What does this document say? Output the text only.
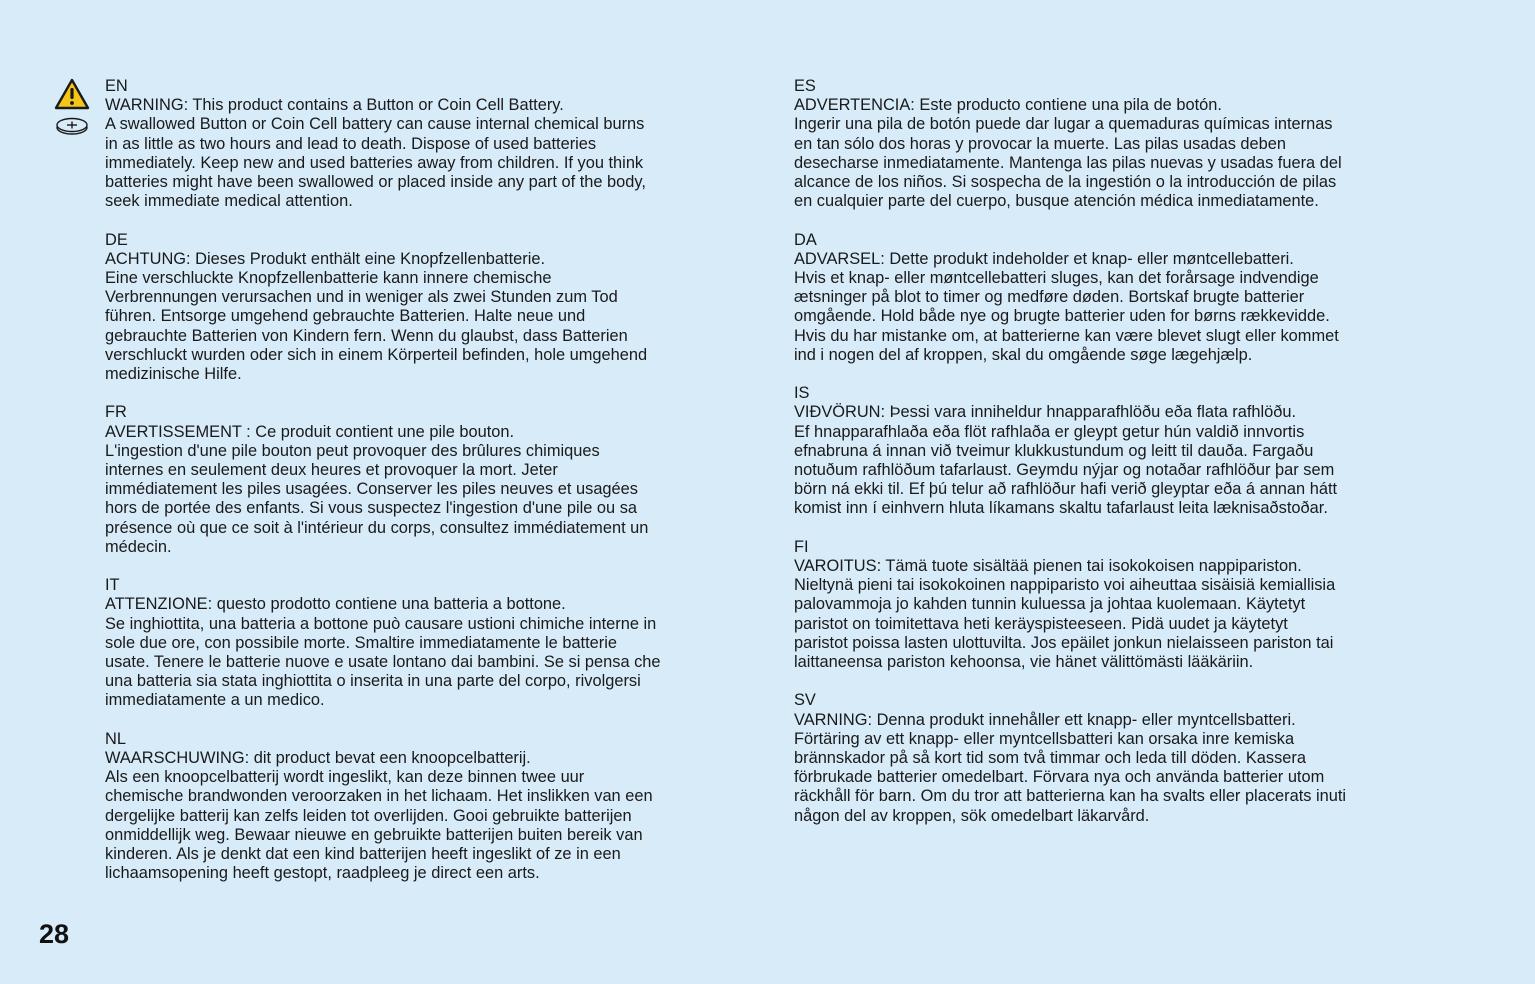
EN

WARNING: This product contains a Button or Coin Cell Battery.

A swallowed Button or Coin Cell battery can cause internal chemical burns
in as little as two hours and lead to death. Dispose of used batteries
immediately. Keep new and used batteries away from children. If you think
batteries might have been swallowed or placed inside any part of the body,
seek immediate medical attention.

DE

ACHTUNG: Dieses Produkt enthält eine Knopfzellenbatterie.

Eine verschluckte Knopfzellenbatterie kann innere chemische
Verbrennungen verursachen und in weniger als zwei Stunden zum Tod
führen. Entsorge umgehend gebrauchte Batterien. Halte neue und
gebrauchte Batterien von Kindern fern. Wenn du glaubst, dass Batterien
verschluckt wurden oder sich in einem Körperteil befinden, hole umgehend
medizinische Hilfe.

FR

AVERTISSEMENT : Ce produit contient une pile bouton.

L'ingestion d'une pile bouton peut provoquer des brûlures chimiques
internes en seulement deux heures et provoquer la mort. Jeter
immédiatement les piles usagées. Conserver les piles neuves et usagées
hors de portée des enfants. Si vous suspectez l'ingestion d'une pile ou sa
présence où que ce soit à l'intérieur du corps, consultez immédiatement un
médecin.

IT

ATTENZIONE: questo prodotto contiene una batteria a bottone.

Se inghiottita, una batteria a bottone può causare ustioni chimiche interne in
sole due ore, con possibile morte. Smaltire immediatamente le batterie
usate. Tenere le batterie nuove e usate lontano dai bambini. Se si pensa che
una batteria sia stata inghiottita o inserita in una parte del corpo, rivolgersi
immediatamente a un medico.

NL

WAARSCHUWING: dit product bevat een knoopcelbatterij.

Als een knoopcelbatterij wordt ingeslikt, kan deze binnen twee uur
chemische brandwonden veroorzaken in het lichaam. Het inslikken van een
dergelijke batterij kan zelfs leiden tot overlijden. Gooi gebruikte batterijen
onmiddellijk weg. Bewaar nieuwe en gebruikte batterijen buiten bereik van
kinderen. Als je denkt dat een kind batterijen heeft ingeslikt of ze in een
lichaamsopening heeft gestopt, raadpleeg je direct een arts.

ES

ADVERTENCIA: Este producto contiene una pila de botón.

Ingerir una pila de botón puede dar lugar a quemaduras químicas internas
en tan sólo dos horas y provocar la muerte. Las pilas usadas deben
desecharse inmediatamente. Mantenga las pilas nuevas y usadas fuera del
alcance de los niños. Si sospecha de la ingestión o la introducción de pilas
en cualquier parte del cuerpo, busque atención médica inmediatamente.

DA

ADVARSEL: Dette produkt indeholder et knap- eller møntcellebatteri.

Hvis et knap- eller møntcellebatteri sluges, kan det forårsage indvendige
ætsninger på blot to timer og medføre døden. Bortskaf brugte batterier
omgående. Hold både nye og brugte batterier uden for børns rækkevidde.
Hvis du har mistanke om, at batterierne kan være blevet slugt eller kommet
ind i nogen del af kroppen, skal du omgående søge lægehjælp.

IS

VIÐVÖRUN: Þessi vara inniheldur hnapparafhlöðu eða flata rafhlöðu.

Ef hnapparafhlaða eða flöt rafhlaða er gleypt getur hún valdið innvortis
efnabruna á innan við tveimur klukkustundum og leitt til dauða. Fargaðu
notuðum rafhlöðum tafarlaust. Geymdu nýjar og notaðar rafhlöður þar sem
börn ná ekki til. Ef þú telur að rafhlöður hafi verið gleyptar eða á annan hátt
komist inn í einhvern hluta líkamans skaltu tafarlaust leita læknisaðstoðar.

FI

VAROITUS: Tämä tuote sisältää pienen tai isokokoisen nappipariston.

Nieltynä pieni tai isokokoinen nappiparisto voi aiheuttaa sisäisiä kemiallisia
palovammoja jo kahden tunnin kuluessa ja johtaa kuolemaan. Käytetyt
paristot on toimitettava heti keräyspisteeseen. Pidä uudet ja käytetyt
paristot poissa lasten ulottuvilta. Jos epäilet jonkun nielaisseen pariston tai
laittaneensa pariston kehoonsa, vie hänet välittömästi lääkäriin.

SV

VARNING: Denna produkt innehåller ett knapp- eller myntcellsbatteri.

Förtäring av ett knapp- eller myntcellsbatteri kan orsaka inre kemiska
brännskador på så kort tid som två timmar och leda till döden. Kassera
förbrukade batterier omedelbart. Förvara nya och använda batterier utom
räckhåll för barn. Om du tror att batterierna kan ha svalts eller placerats inuti
någon del av kroppen, sök omedelbart läkarvård.

28
